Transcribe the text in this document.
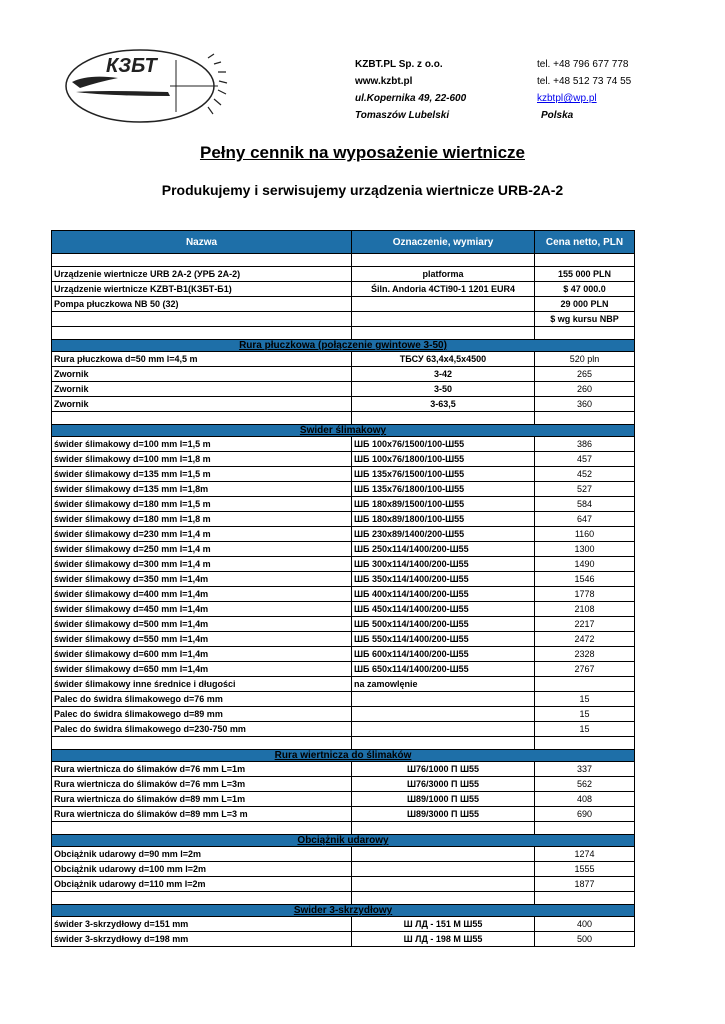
КЗБТ	KZBT.PL Sp. z o.o.
www.kzbt.pl
ul.Kopernika 49, 22-600
Tomaszów Lubelski
tel. +48 796 677 778
tel. +48 512 73 74 55
kzbtpl@wp.pl
Polska
Pełny cennik na wyposażenie wiertnicze
Produkujemy i serwisujemy urządzenia wiertnicze URB-2A-2
Nazwa	Oznaczenie, wymiary	Cena netto, PLN

Urządzenie wiertnicze URB 2A-2 (УРБ 2А-2)	platforma	155 000 PLN
Urządzenie wiertnicze KZBT-B1(КЗБТ-Б1)	Śiln. Andoria 4CTi90-1 1201 EUR4	$ 47 000.0
Pompa płuczkowa NB 50 (32)		29 000 PLN
		$ wg kursu NBP

Rura płuczkowa (połączenie gwintowe 3-50)		
Rura płuczkowa d=50 mm l=4,5 m	ТБСУ 63,4x4,5x4500	520 pln
Zwornik	3-42	265
Zwornik	3-50	260
Zwornik	3-63,5	360

Świder ślimakowy		
świder ślimakowy d=100 mm l=1,5 m	ШБ 100x76/1500/100-Ш55	386
świder ślimakowy d=100 mm l=1,8 m	ШБ 100x76/1800/100-Ш55	457
świder ślimakowy d=135 mm l=1,5 m	ШБ 135x76/1500/100-Ш55	452
świder ślimakowy d=135 mm l=1,8m	ШБ 135x76/1800/100-Ш55	527
świder ślimakowy d=180 mm l=1,5 m	ШБ 180x89/1500/100-Ш55	584
świder ślimakowy d=180 mm l=1,8 m	ШБ 180x89/1800/100-Ш55	647
świder ślimakowy d=230 mm l=1,4 m	ШБ 230x89/1400/200-Ш55	1160
świder ślimakowy d=250 mm l=1,4 m	ШБ 250x114/1400/200-Ш55	1300
świder ślimakowy d=300 mm l=1,4 m	ШБ 300x114/1400/200-Ш55	1490
świder ślimakowy d=350 mm l=1,4m	ШБ 350x114/1400/200-Ш55	1546
świder ślimakowy d=400 mm l=1,4m	ШБ 400x114/1400/200-Ш55	1778
świder ślimakowy d=450 mm l=1,4m	ШБ 450x114/1400/200-Ш55	2108
świder ślimakowy d=500 mm l=1,4m	ШБ 500x114/1400/200-Ш55	2217
świder ślimakowy d=550 mm l=1,4m	ШБ 550x114/1400/200-Ш55	2472
świder ślimakowy d=600 mm l=1,4m	ШБ 600x114/1400/200-Ш55	2328
świder ślimakowy d=650 mm l=1,4m	ШБ 650x114/1400/200-Ш55	2767
świder ślimakowy inne średnice i długości	na zamowlęnie	
Palec do świdra ślimakowego d=76 mm		15
Palec do świdra ślimakowego d=89 mm		15
Palec do świdra ślimakowego d=230-750 mm		15

Rura wiertnicza do ślimaków		
Rura wiertnicza do ślimaków d=76 mm L=1m	Ш76/1000 П Ш55	337
Rura wiertnicza do ślimaków d=76 mm L=3m	Ш76/3000 П Ш55	562
Rura wiertnicza do ślimaków d=89 mm L=1m	Ш89/1000 П Ш55	408
Rura wiertnicza do ślimaków d=89 mm L=3 m	Ш89/3000 П Ш55	690

Obciążnik udarowy		
Obciążnik udarowy d=90 mm l=2m		1274
Obciążnik udarowy d=100 mm l=2m		1555
Obciążnik udarowy d=110 mm l=2m		1877

Świder 3-skrzydłowy		
świder 3-skrzydłowy d=151 mm	Ш ЛД - 151 М Ш55	400
świder 3-skrzydłowy d=198 mm	Ш ЛД - 198 М Ш55	500
